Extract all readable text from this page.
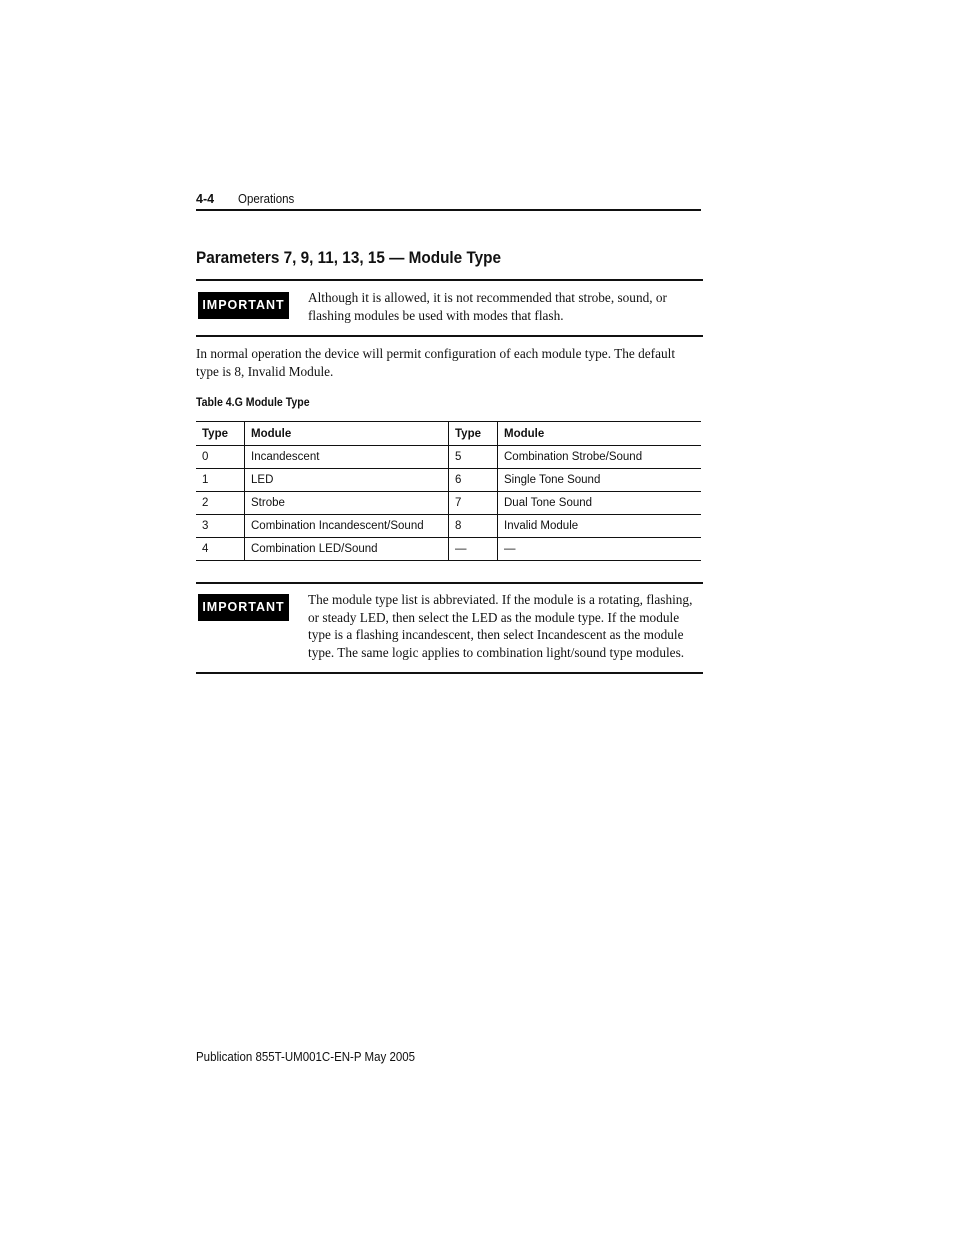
4-4 Operations
Parameters 7, 9, 11, 13, 15 — Module Type
IMPORTANT	Although it is allowed, it is not recommended that strobe, sound, or
flashing modules be used with modes that flash.
In normal operation the device will permit configuration of each module type. The default
type is 8, Invalid Module.
Table 4.G Module Type
Type	Module	Type	Module
0	Incandescent	5	Combination Strobe/Sound
1	LED	6	Single Tone Sound
2	Strobe	7	Dual Tone Sound
3	Combination Incandescent/Sound	8	Invalid Module
4	Combination LED/Sound	—	—
IMPORTANT	The module type list is abbreviated. If the module is a rotating, flashing,
or steady LED, then select the LED as the module type. If the module
type is a flashing incandescent, then select Incandescent as the module
type. The same logic applies to combination light/sound type modules.
Publication 855T-UM001C-EN-P May 2005
